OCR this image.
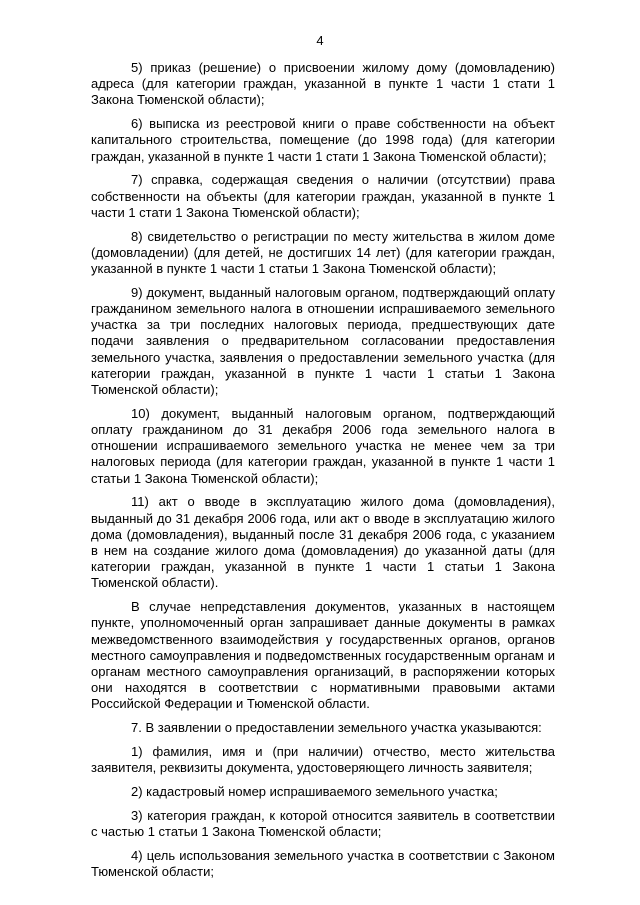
4

5) приказ (решение) о присвоении жилому дому (домовладению) адреса (для категории граждан, указанной в пункте 1 части 1 стати 1 Закона Тюменской области);

6) выписка из реестровой книги о праве собственности на объект капитального строительства, помещение (до 1998 года) (для категории граждан, указанной в пункте 1 части 1 стати 1 Закона Тюменской области);

7) справка, содержащая сведения о наличии (отсутствии) права собственности на объекты (для категории граждан, указанной в пункте 1 части 1 стати 1 Закона Тюменской области);

8) свидетельство о регистрации по месту жительства в жилом доме (домовладении) (для детей, не достигших 14 лет) (для категории граждан, указанной в пункте 1 части 1 статьи 1 Закона Тюменской области);

9) документ, выданный налоговым органом, подтверждающий оплату гражданином земельного налога в отношении испрашиваемого земельного участка за три последних налоговых периода, предшествующих дате подачи заявления о предварительном согласовании предоставления земельного участка, заявления о предоставлении земельного участка (для категории граждан, указанной в пункте 1 части 1 статьи 1 Закона Тюменской области);

10) документ, выданный налоговым органом, подтверждающий оплату гражданином до 31 декабря 2006 года земельного налога в отношении испрашиваемого земельного участка не менее чем за три налоговых периода (для категории граждан, указанной в пункте 1 части 1 статьи 1 Закона Тюменской области);

11) акт о вводе в эксплуатацию жилого дома (домовладения), выданный до 31 декабря 2006 года, или акт о вводе в эксплуатацию жилого дома (домовладения), выданный после 31 декабря 2006 года, с указанием в нем на создание жилого дома (домовладения) до указанной даты (для категории граждан, указанной в пункте 1 части 1 статьи 1 Закона Тюменской области).

В случае непредставления документов, указанных в настоящем пункте, уполномоченный орган запрашивает данные документы в рамках межведомственного взаимодействия у государственных органов, органов местного самоуправления и подведомственных государственным органам и органам местного самоуправления организаций, в распоряжении которых они находятся в соответствии с нормативными правовыми актами Российской Федерации и Тюменской области.

7. В заявлении о предоставлении земельного участка указываются:

1) фамилия, имя и (при наличии) отчество, место жительства заявителя, реквизиты документа, удостоверяющего личность заявителя;

2) кадастровый номер испрашиваемого земельного участка;

3) категория граждан, к которой относится заявитель в соответствии с частью 1 статьи 1 Закона Тюменской области;

4) цель использования земельного участка в соответствии с Законом Тюменской области;
